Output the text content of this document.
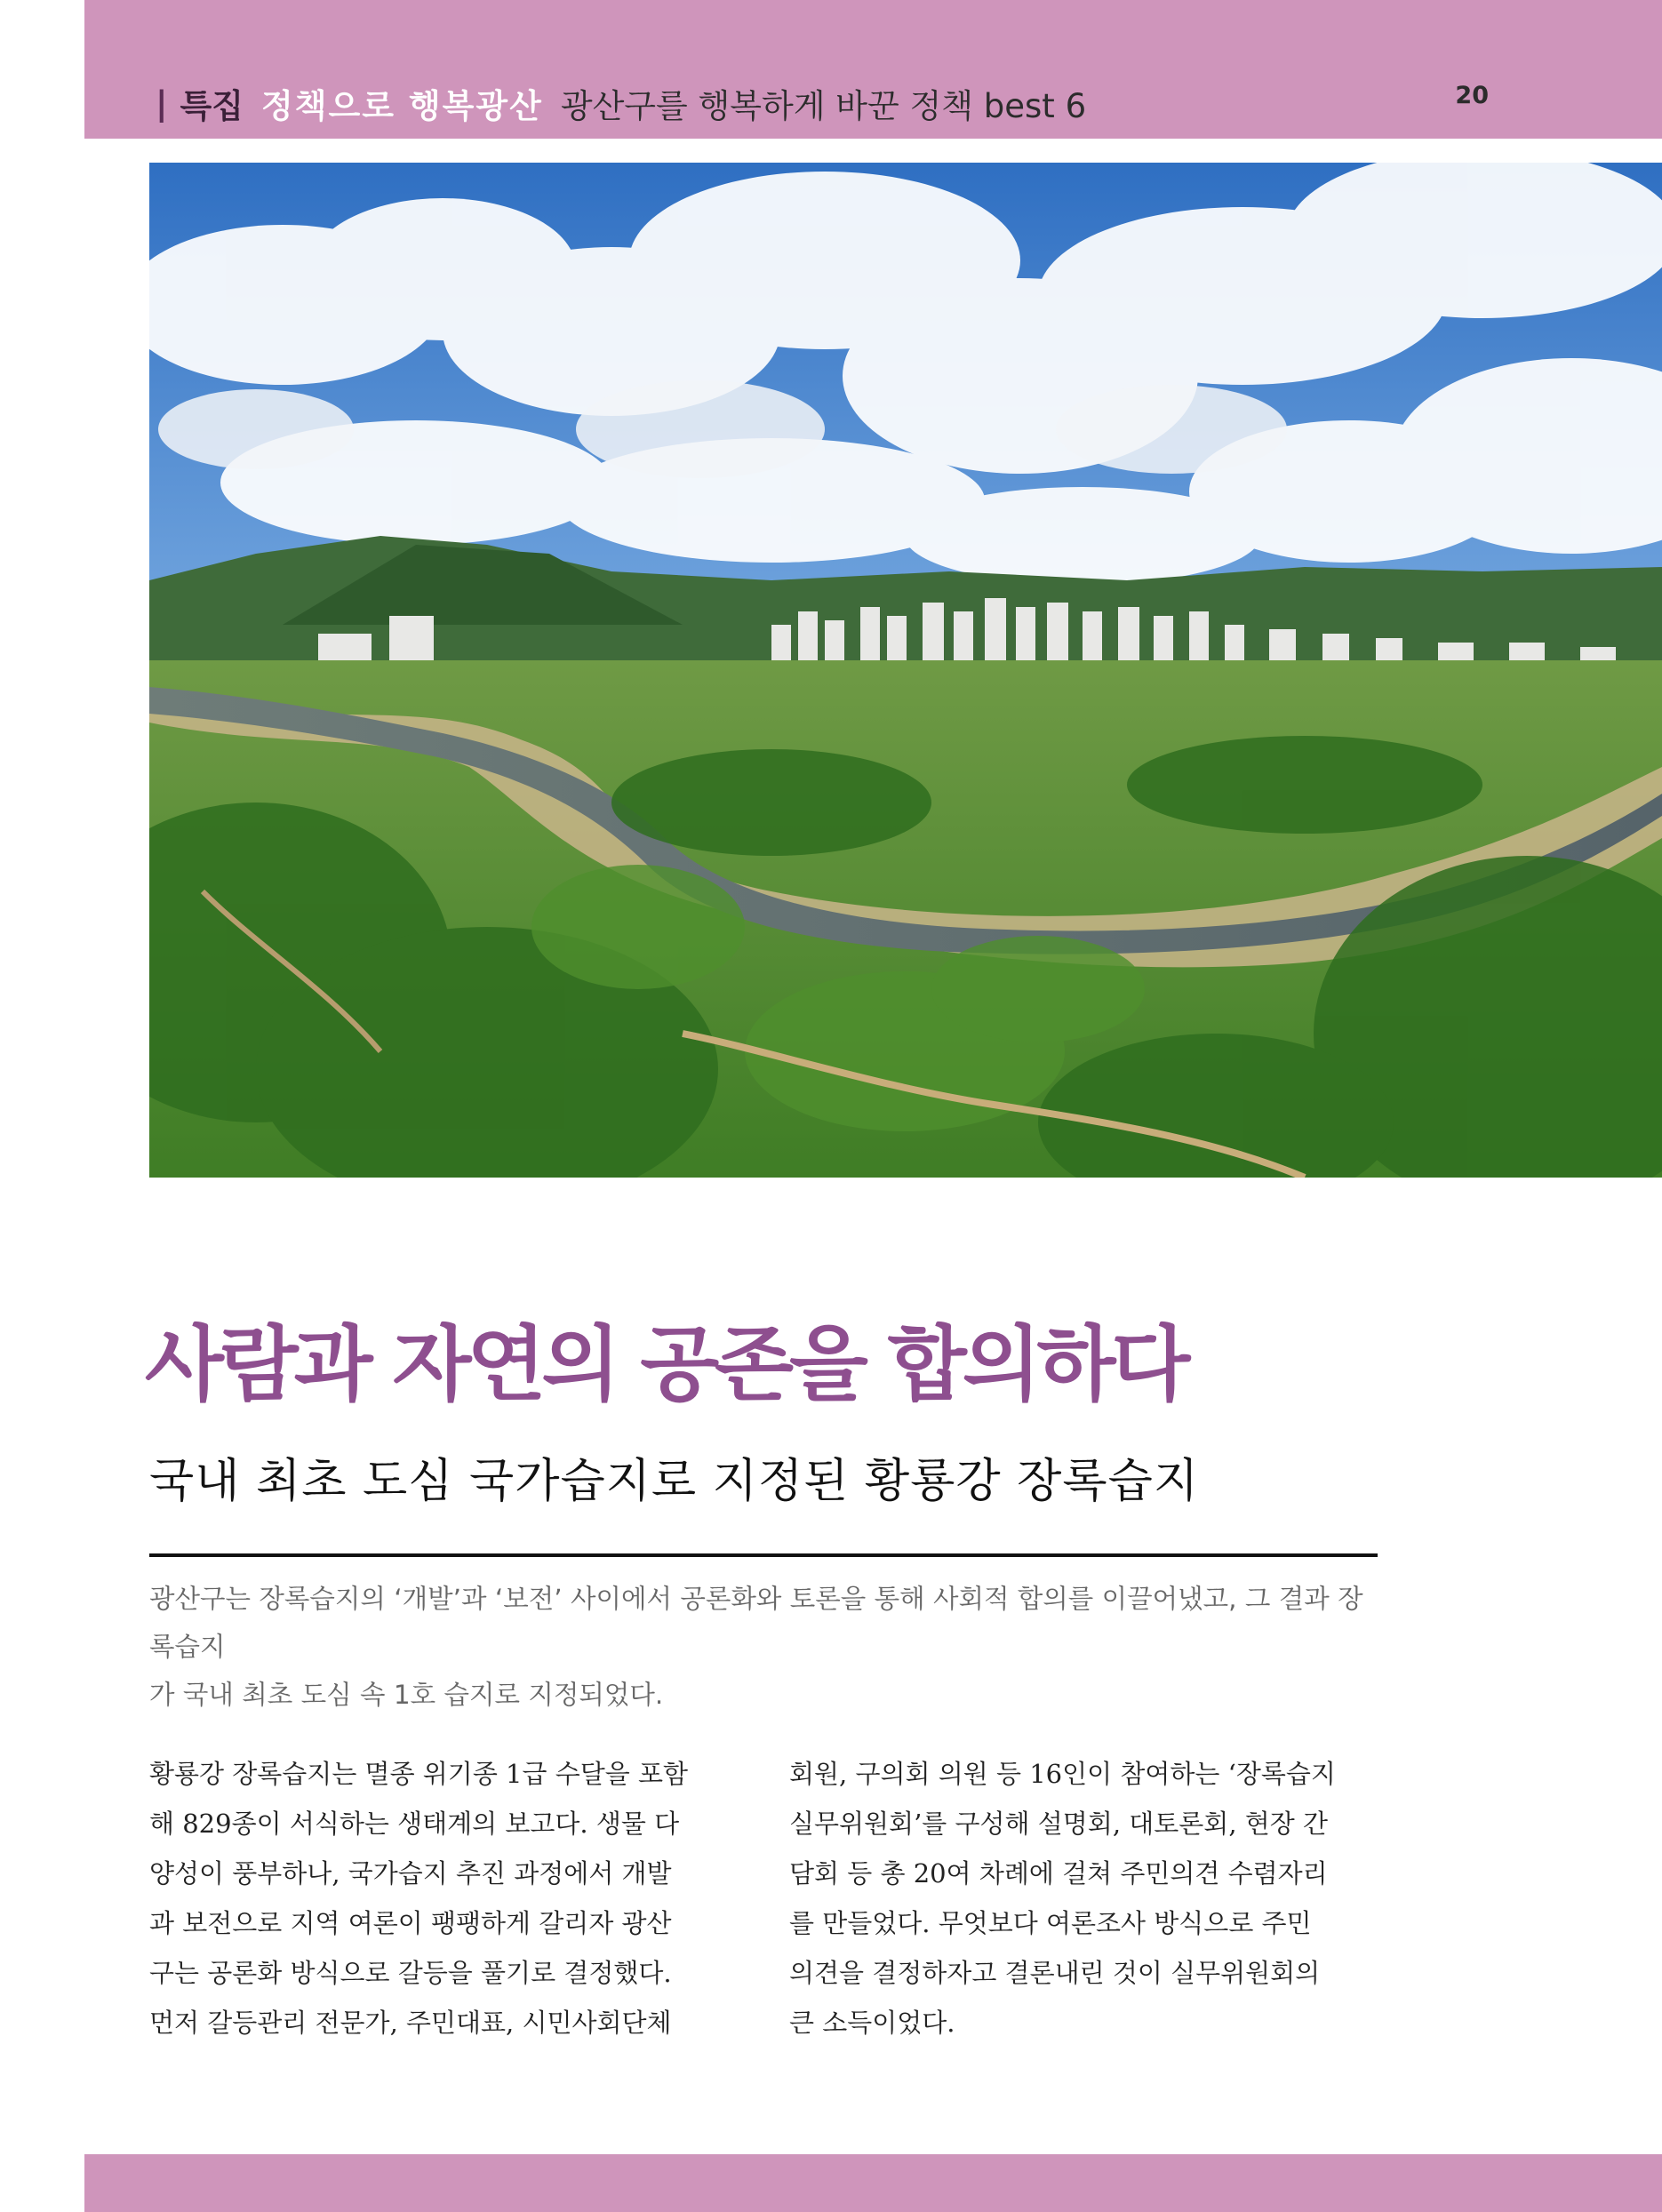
| 특집 정책으로 행복광산 광산구를 행복하게 바꾼 정책 best 6	20
사람과 자연의 공존을 합의하다
국내 최초 도심 국가습지로 지정된 황룡강 장록습지
광산구는 장록습지의 ‘개발’과 ‘보전’ 사이에서 공론화와 토론을 통해 사회적 합의를 이끌어냈고, 그 결과 장록습지
가 국내 최초 도심 속 1호 습지로 지정되었다.

황룡강 장록습지는 멸종 위기종 1급 수달을 포함

해 829종이 서식하는 생태계의 보고다. 생물 다

양성이 풍부하나, 국가습지 추진 과정에서 개발

과 보전으로 지역 여론이 팽팽하게 갈리자 광산

구는 공론화 방식으로 갈등을 풀기로 결정했다.

먼저 갈등관리 전문가, 주민대표, 시민사회단체

회원, 구의회 의원 등 16인이 참여하는 ‘장록습지

실무위원회’를 구성해 설명회, 대토론회, 현장 간

담회 등 총 20여 차례에 걸쳐 주민의견 수렴자리

를 만들었다. 무엇보다 여론조사 방식으로 주민

의견을 결정하자고 결론내린 것이 실무위원회의

큰 소득이었다.
